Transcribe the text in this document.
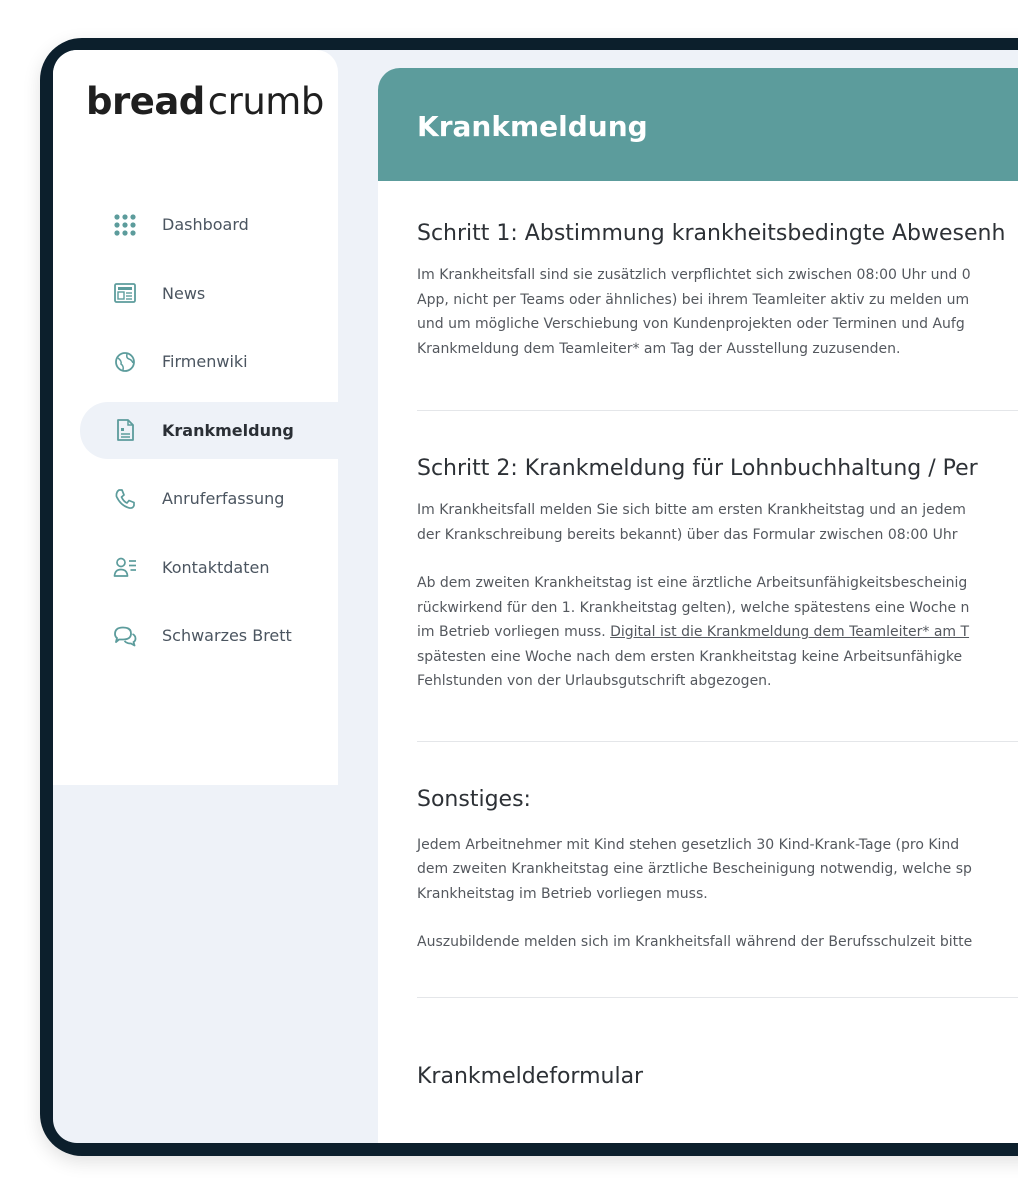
breadcrumb
Dashboard
News
Firmenwiki
Krankmeldung
Anruferfassung
Kontaktdaten
Schwarzes Brett
Krankmeldung
Schritt 1: Abstimmung krankheitsbedingte Abwesenh

Im Krankheitsfall sind sie zusätzlich verpflichtet sich zwischen 08:00 Uhr und 0
App, nicht per Teams oder ähnliches) bei ihrem Teamleiter aktiv zu melden um
und um mögliche Verschiebung von Kundenprojekten oder Terminen und Aufg
Krankmeldung dem Teamleiter* am Tag der Ausstellung zuzusenden.

Schritt 2: Krankmeldung für Lohnbuchhaltung / Per

Im Krankheitsfall melden Sie sich bitte am ersten Krankheitstag und an jedem
der Krankschreibung bereits bekannt) über das Formular zwischen 08:00 Uhr

Ab dem zweiten Krankheitstag ist eine ärztliche Arbeitsunfähigkeitsbescheinig
rückwirkend für den 1. Krankheitstag gelten), welche spätestens eine Woche n
im Betrieb vorliegen muss. Digital ist die Krankmeldung dem Teamleiter* am T
spätesten eine Woche nach dem ersten Krankheitstag keine Arbeitsunfähigke
Fehlstunden von der Urlaubsgutschrift abgezogen.

Sonstiges:

Jedem Arbeitnehmer mit Kind stehen gesetzlich 30 Kind-Krank-Tage (pro Kind
dem zweiten Krankheitstag eine ärztliche Bescheinigung notwendig, welche sp
Krankheitstag im Betrieb vorliegen muss.

Auszubildende melden sich im Krankheitsfall während der Berufsschulzeit bitte

Krankmeldeformular
